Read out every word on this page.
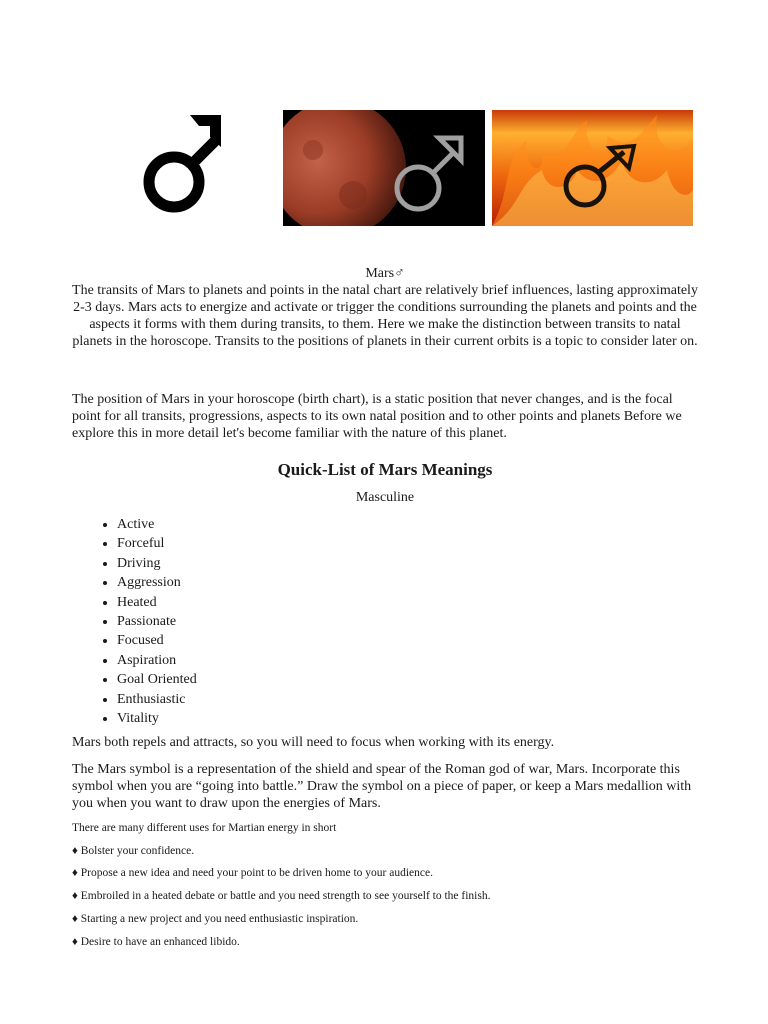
Mars♂
The transits of Mars to planets and points in the natal chart are relatively brief influences, lasting approximately 2-3 days. Mars acts to energize and activate or trigger the conditions surrounding the planets and points and the aspects it forms with them during transits, to them. Here we make the distinction between transits to natal planets in the horoscope. Transits to the positions of planets in their current orbits is a topic to consider later on.
The position of Mars in your horoscope (birth chart), is a static position that never changes, and is the focal point for all transits, progressions, aspects to its own natal position and to other points and planets Before we explore this in more detail let's become familiar with the nature of this planet.
Quick-List of Mars Meanings
Masculine
• Active
• Forceful
• Driving
• Aggression
• Heated
• Passionate
• Focused
• Aspiration
• Goal Oriented
• Enthusiastic
• Vitality
Mars both repels and attracts, so you will need to focus when working with its energy.
The Mars symbol is a representation of the shield and spear of the Roman god of war, Mars. Incorporate this symbol when you are “going into battle.” Draw the symbol on a piece of paper, or keep a Mars medallion with you when you want to draw upon the energies of Mars.
There are many different uses for Martian energy in short
♦ Bolster your confidence.
♦ Propose a new idea and need your point to be driven home to your audience.
♦ Embroiled in a heated debate or battle and you need strength to see yourself to the finish.
♦ Starting a new project and you need enthusiastic inspiration.
♦ Desire to have an enhanced libido.
